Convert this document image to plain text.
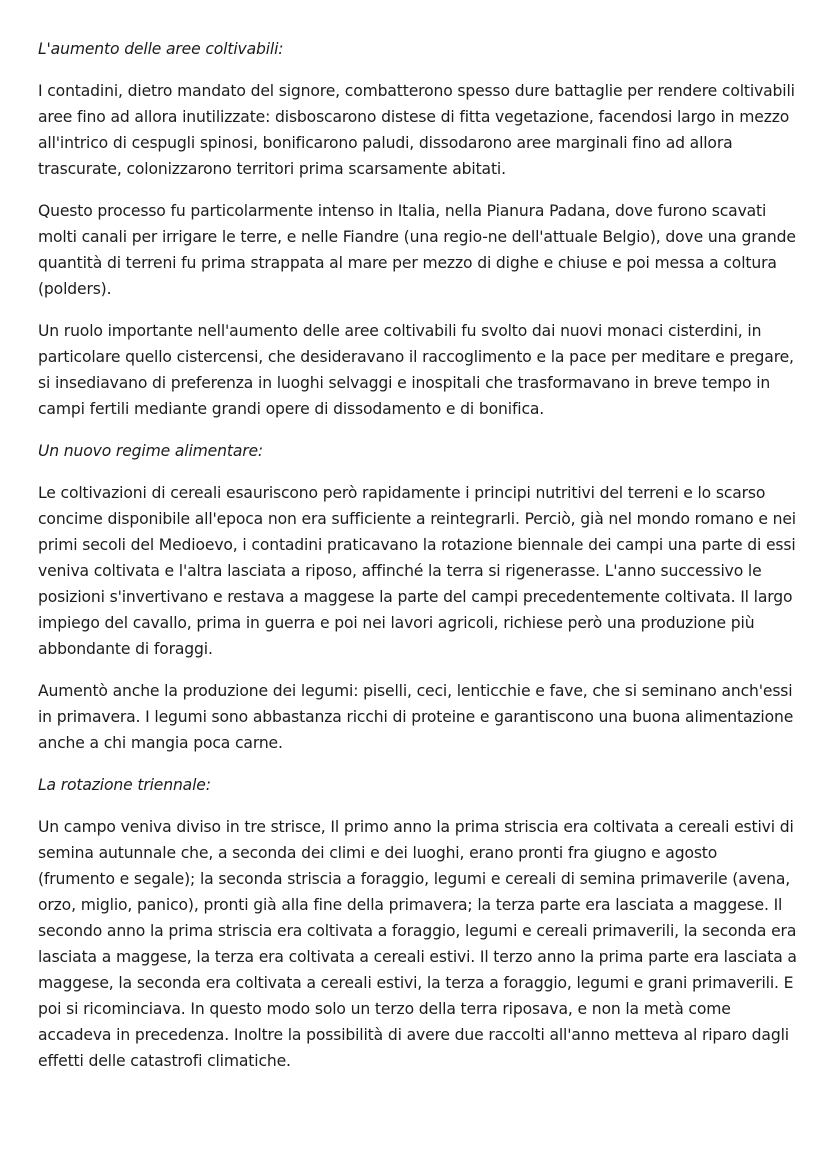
L'aumento delle aree coltivabili:

I contadini, dietro mandato del signore, combatterono spesso dure battaglie per rendere coltivabili aree fino ad allora inutilizzate: disboscarono distese di fitta vegetazione, facendosi largo in mezzo all'intrico di cespugli spinosi, bonificarono paludi, dissodarono aree marginali fino ad allora trascurate, colonizzarono territori prima scarsamente abitati.

Questo processo fu particolarmente intenso in Italia, nella Pianura Padana, dove furono scavati molti canali per irrigare le terre, e nelle Fiandre (una regio-ne dell'attuale Belgio), dove una grande quantità di terreni fu prima strappata al mare per mezzo di dighe e chiuse e poi messa a coltura (polders).

Un ruolo importante nell'aumento delle aree coltivabili fu svolto dai nuovi monaci cisterdini, in particolare quello cistercensi, che desideravano il raccoglimento e la pace per meditare e pregare, si insediavano di preferenza in luoghi selvaggi e inospitali che trasformavano in breve tempo in campi fertili mediante grandi opere di dissodamento e di bonifica.

Un nuovo regime alimentare:

Le coltivazioni di cereali esauriscono però rapidamente i principi nutritivi del terreni e lo scarso concime disponibile all'epoca non era sufficiente a reintegrarli. Perciò, già nel mondo romano e nei primi secoli del Medioevo, i contadini praticavano la rotazione biennale dei campi una parte di essi veniva coltivata e l'altra lasciata a riposo, affinché la terra si rigenerasse. L'anno successivo le posizioni s'invertivano e restava a maggese la parte del campi precedentemente coltivata. Il largo impiego del cavallo, prima in guerra e poi nei lavori agricoli, richiese però una produzione più abbondante di foraggi.

Aumentò anche la produzione dei legumi: piselli, ceci, lenticchie e fave, che si seminano anch'essi in primavera. I legumi sono abbastanza ricchi di proteine e garantiscono una buona alimentazione anche a chi mangia poca carne.

La rotazione triennale:

Un campo veniva diviso in tre strisce, Il primo anno la prima striscia era coltivata a cereali estivi di semina autunnale che, a seconda dei climi e dei luoghi, erano pronti fra giugno e agosto (frumento e segale); la seconda striscia a foraggio, legumi e cereali di semina primaverile (avena, orzo, miglio, panico), pronti già alla fine della primavera; la terza parte era lasciata a maggese. Il secondo anno la prima striscia era coltivata a foraggio, legumi e cereali primaverili, la seconda era lasciata a maggese, la terza era coltivata a cereali estivi. Il terzo anno la prima parte era lasciata a maggese, la seconda era coltivata a cereali estivi, la terza a foraggio, legumi e grani primaverili. E poi si ricominciava. In questo modo solo un terzo della terra riposava, e non la metà come accadeva in precedenza. Inoltre la possibilità di avere due raccolti all'anno metteva al riparo dagli effetti delle catastrofi climatiche.
